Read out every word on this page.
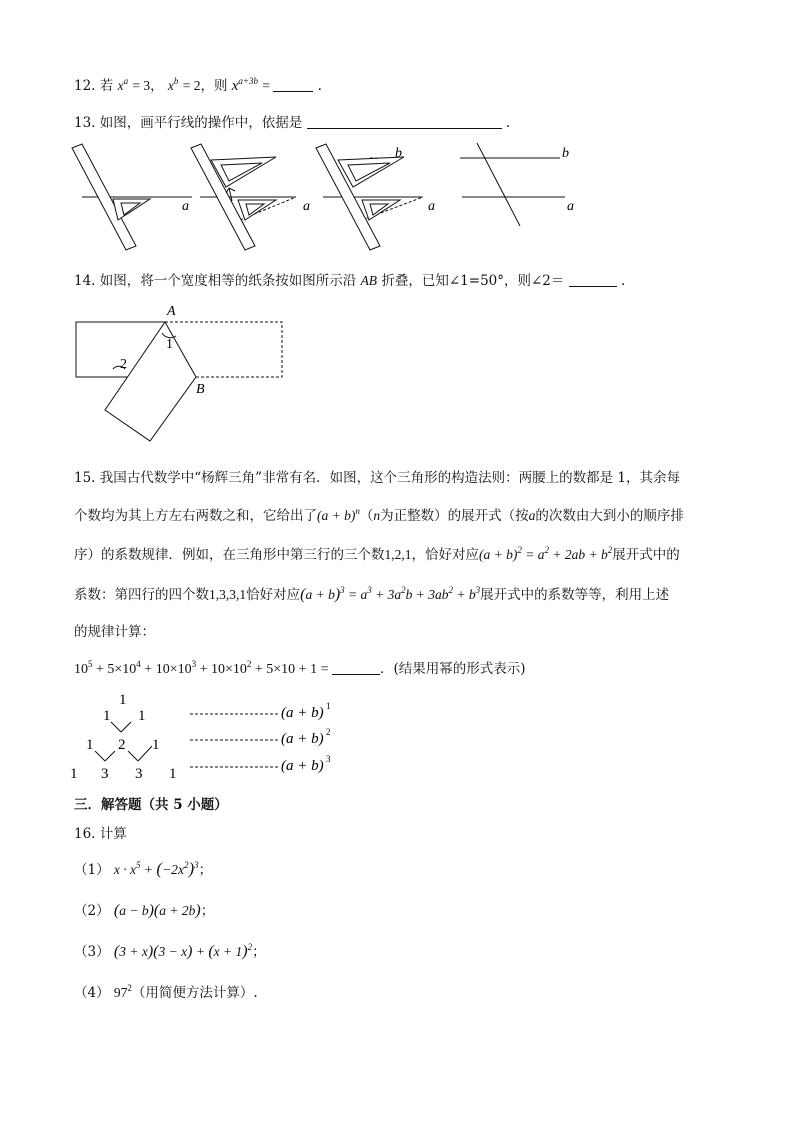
12. 若 $x^a = 3$， $x^b = 2$，则 $x^{a+3b}$ =	.
13. 如图，画平行线的操作中，依据是	.
a	a	a	a
b	b
14. 如图，将一个宽度相等的纸条按如图所示沿 AB 折叠，已知∠1=50°，则∠2＝	.
A
B
1
2
15. 我国古代数学中“杨辉三角”非常有名．如图，这个三角形的构造法则：两腰上的数都是 1，其余每
个数均为其上方左右两数之和，它给出了$(a + b)^n(n$为正整数）的展开式（按a的次数由大到小的顺序排
序）的系数规律．例如，在三角形中第三行的三个数1,2,1，恰好对应$(a + b)^2 = a^2 + 2ab + b^2$展开式中的
系数：第四行的四个数1,3,3,1恰好对应$(a + b)^3 = a^3 + 3a^2b + 3ab^2 + b^3$展开式中的系数等等，利用上述
的规律计算：
$10^5 + 5\times 10^4 + 10\times 10^3 + 10\times 10^2 + 5\times 10 + 1$ =	．(结果用幂的形式表示)
1
1 1
1 2 1
1 3 3 1
(a + b)
(a + b)
(a + b)
1
2
3
三．解答题（共 5 小题）
16. 计算
（1） $x \cdot x^5 + (-2x^2)^3$；
（2） (a − b)(a + 2b)；
（3） $(3 + x)(3 - x) + (x + 1)^2$；
（4） $97^2$（用简便方法计算）.
